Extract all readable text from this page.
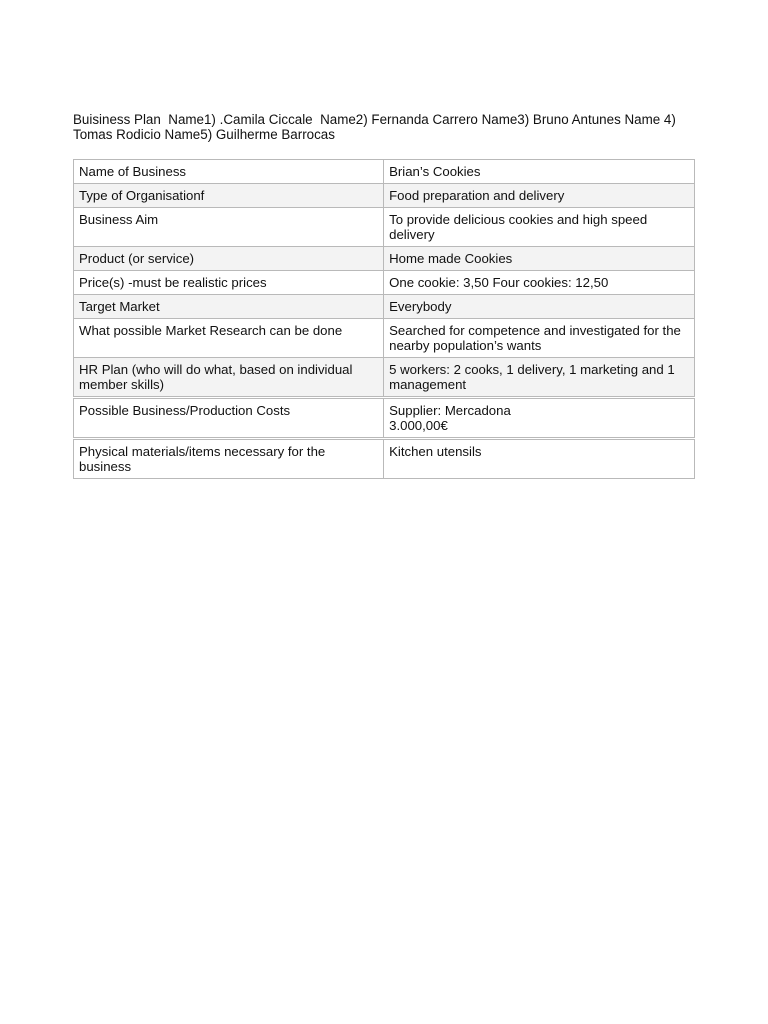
Buisiness Plan  Name1) .Camila Ciccale  Name2) Fernanda Carrero Name3) Bruno Antunes Name 4) Tomas Rodicio Name5) Guilherme Barrocas

Name of Business	Brian’s Cookies
Type of Organisationf	Food preparation and delivery
Business Aim	To provide delicious cookies and high speed delivery
Product (or service)	Home made Cookies
Price(s) -must be realistic prices	One cookie: 3,50 Four cookies: 12,50
Target Market	Everybody
What possible Market Research can be done	Searched for competence and investigated for the nearby population’s wants
HR Plan (who will do what, based on individual member skills)	5 workers: 2 cooks, 1 delivery, 1 marketing and 1 management

Possible Business/Production Costs	Supplier: Mercadona
3.000,00€

Physical materials/items necessary for the business	Kitchen utensils
